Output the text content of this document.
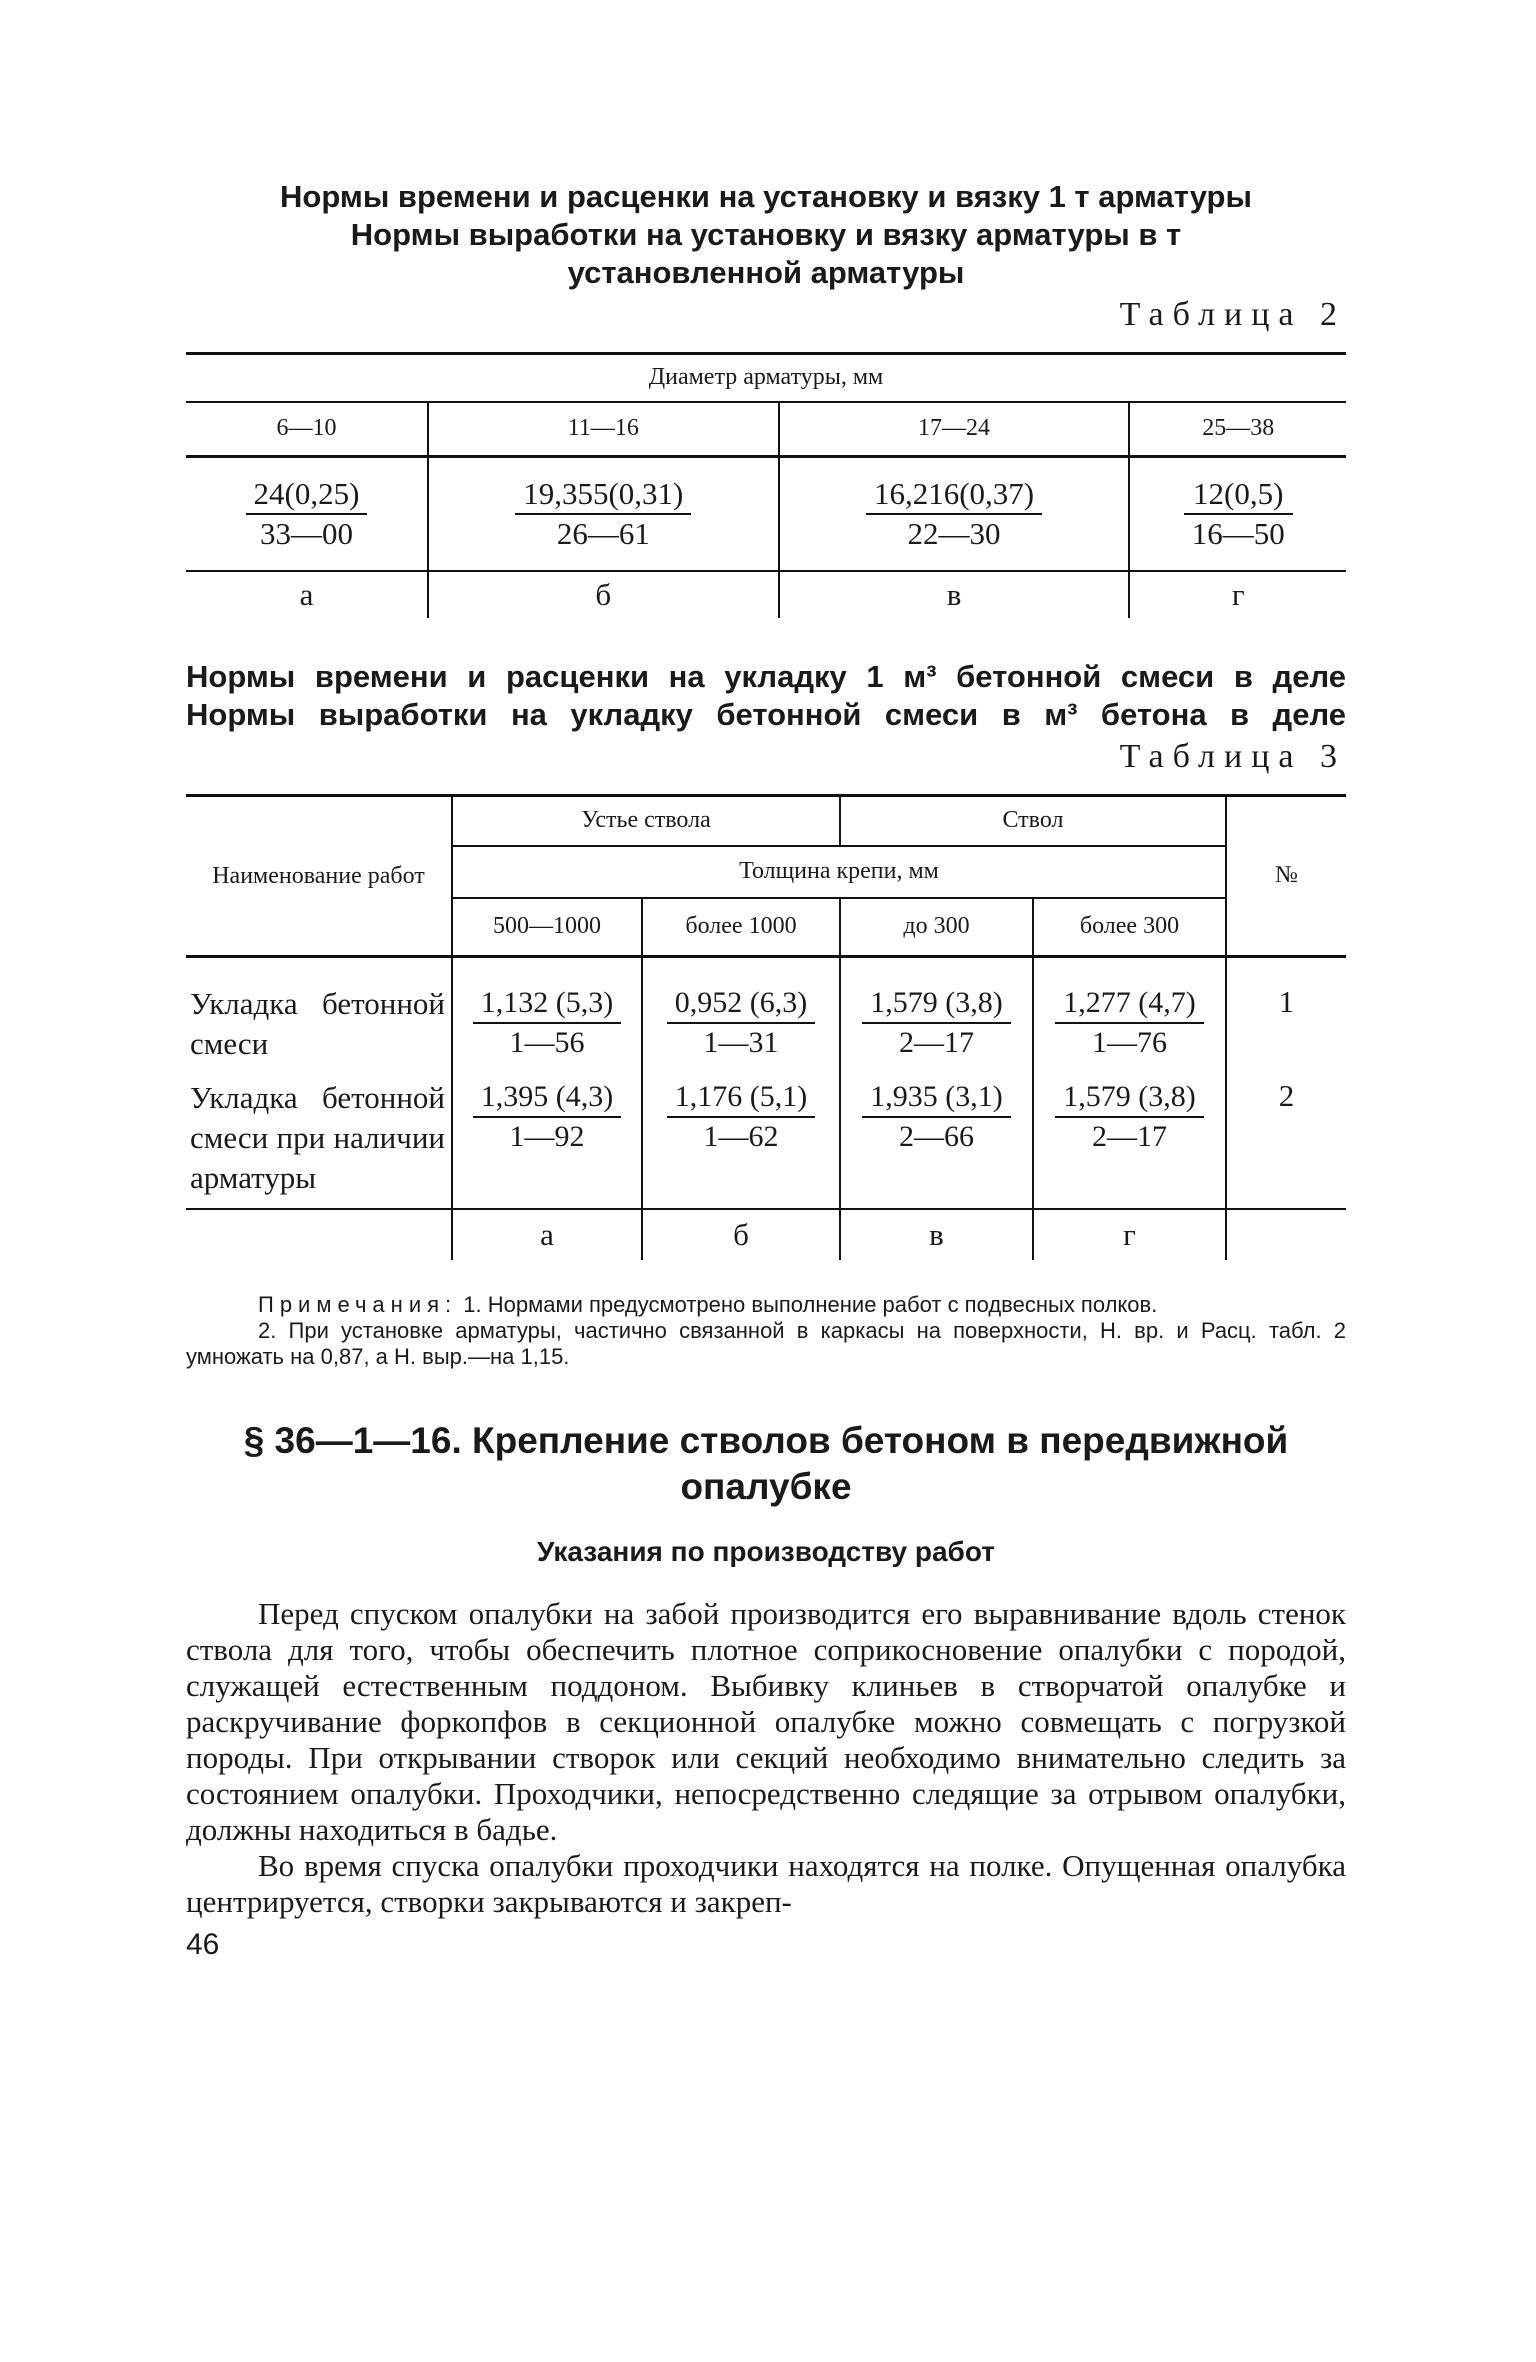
Нормы времени и расценки на установку и вязку 1 т арматуры
Нормы выработки на установку и вязку арматуры в т
установленной арматуры
Таблица 2
Диаметр арматуры, мм			
6—10	11—16	17—24	25—38

$\frac{24(0,25)}{33—00}$	$\frac{19,355(0,31)}{26—61}$	$\frac{16,216(0,37)}{22—30}$	$\frac{12(0,5)}{16—50}$

а	б	в	г
Нормы времени и расценки на укладку 1 м³ бетонной смеси в деле
Нормы выработки на укладку бетонной смеси в м³ бетона в деле
Таблица 3
Наименование работ	Устье ствола		Ствол		№
	Толщина крепи, мм				
	500—1000	более 1000	до 300	более 300	
Укладка бетонной смеси	$\frac{1,132 (5,3)}{1—56}$	$\frac{0,952 (6,3)}{1—31}$	$\frac{1,579 (3,8)}{2—17}$	$\frac{1,277 (4,7)}{1—76}$	1
Укладка бетонной смеси при наличии арматуры	$\frac{1,395 (4,3)}{1—92}$	$\frac{1,176 (5,1)}{1—62}$	$\frac{1,935 (3,1)}{2—66}$	$\frac{1,579 (3,8)}{2—17}$	2
	а	б	в	г	

Примечания: 1. Нормами предусмотрено выполнение работ с подвесных полков.

2. При установке арматуры, частично связанной в каркасы на поверхности, Н. вр. и Расц. табл. 2 умножать на 0,87, а Н. выр.—на 1,15.

§ 36—1—16. Крепление стволов бетоном в передвижной опалубке
Указания по производству работ

Перед спуском опалубки на забой производится его выравнивание вдоль стенок ствола для того, чтобы обеспечить плотное соприкосновение опалубки с породой, служащей естественным поддоном. Выбивку клиньев в створчатой опалубке и раскручивание форкопфов в секционной опалубке можно совмещать с погрузкой породы. При открывании створок или секций необходимо внимательно следить за состоянием опалубки. Проходчики, непосредственно следящие за отрывом опалубки, должны находиться в бадье.

Во время спуска опалубки проходчики находятся на полке. Опущенная опалубка центрируется, створки закрываются и закреп-

46
